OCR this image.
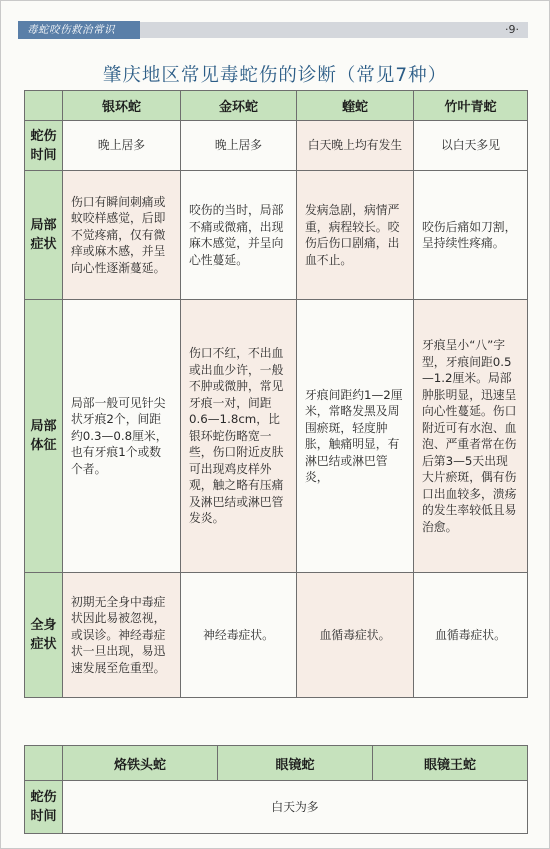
毒蛇咬伤救治常识	·9·
肇庆地区常见毒蛇伤的诊断（常见7种）
	银环蛇	金环蛇	蝰蛇	竹叶青蛇

蛇伤
时间	晚上居多	晚上居多	白天晚上均有发生	以白天多见

局部
症状	伤口有瞬间刺痛或蚊咬样感觉，后即不觉疼痛，仅有微痒或麻木感，并呈向心性逐渐蔓延。	咬伤的当时，局部不痛或微痛，出现麻木感觉，并呈向心性蔓延。	发病急剧，病情严重，病程较长。咬伤后伤口剧痛，出血不止。	咬伤后痛如刀割，呈持续性疼痛。

局部
体征	局部一般可见针尖状牙痕2个，间距约0.3—0.8厘米，也有牙痕1个或数个者。	伤口不红，不出血或出血少许，一般不肿或微肿，常见牙痕一对，间距0.6—1.8cm，比银环蛇伤略宽一些，伤口附近皮肤可出现鸡皮样外观，触之略有压痛及淋巴结或淋巴管发炎。	牙痕间距约1—2厘米，常略发黑及周围瘀斑，轻度肿胀，触痛明显，有淋巴结或淋巴管炎，	牙痕呈小“八”字型，牙痕间距0.5—1.2厘米。局部肿胀明显，迅速呈向心性蔓延。伤口附近可有水泡、血泡、严重者常在伤后第3—5天出现大片瘀斑，偶有伤口出血较多，溃疡的发生率较低且易治愈。

全身
症状	初期无全身中毒症状因此易被忽视，或误诊。神经毒症状一旦出现，易迅速发展至危重型。	神经毒症状。	血循毒症状。	血循毒症状。
	烙铁头蛇	眼镜蛇	眼镜王蛇

蛇伤
时间	白天为多		
